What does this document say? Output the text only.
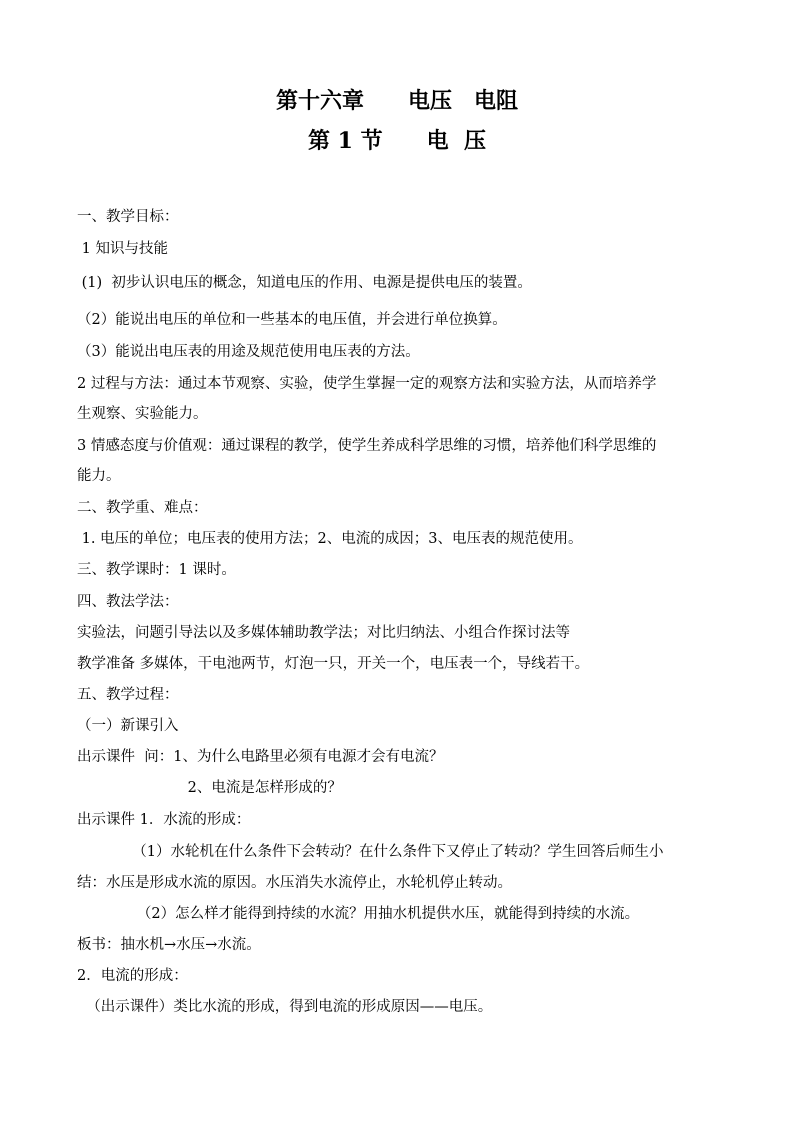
第十六章　　电压　电阻
第 1 节　　电  压
一、教学目标：
1 知识与技能
(1)  初步认识电压的概念，知道电压的作用、电源是提供电压的装置。
（2）能说出电压的单位和一些基本的电压值，并会进行单位换算。
（3）能说出电压表的用途及规范使用电压表的方法。
2 过程与方法：通过本节观察、实验，使学生掌握一定的观察方法和实验方法，从而培养学
生观察、实验能力。
3 情感态度与价值观：通过课程的教学，使学生养成科学思维的习惯，培养他们科学思维的
能力。
二、教学重、难点：
1. 电压的单位；电压表的使用方法；2、电流的成因；3、电压表的规范使用。
三、教学课时：1 课时。
四、教法学法：
实验法，问题引导法以及多媒体辅助教学法；对比归纳法、小组合作探讨法等
教学准备 多媒体，干电池两节，灯泡一只，开关一个，电压表一个，导线若干。
五、教学过程：
（一）新课引入
出示课件  问：1、为什么电路里必须有电源才会有电流？
2、电流是怎样形成的？
出示课件 1．水流的形成：
（1）水轮机在什么条件下会转动？在什么条件下又停止了转动？学生回答后师生小
结：水压是形成水流的原因。水压消失水流停止，水轮机停止转动。
（2）怎么样才能得到持续的水流？用抽水机提供水压，就能得到持续的水流。
板书：抽水机→水压→水流。
2．电流的形成：
（出示课件）类比水流的形成，得到电流的形成原因——电压。
